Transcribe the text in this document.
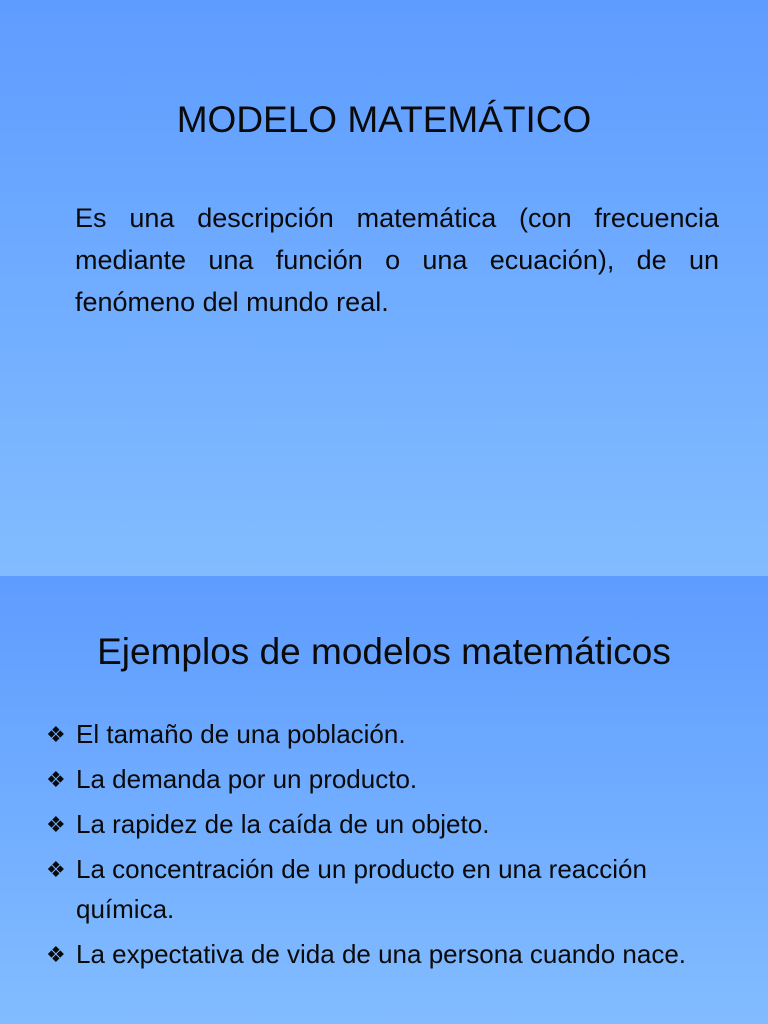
MODELO MATEMÁTICO

Es una descripción matemática (con frecuencia mediante una función o una ecuación), de un fenómeno del mundo real.

Ejemplos de modelos matemáticos
❖ El tamaño de una población.
❖ La demanda por un producto.
❖ La rapidez de la caída de un objeto.
❖ La concentración de un producto en una reacción química.
❖ La expectativa de vida de una persona cuando nace.
